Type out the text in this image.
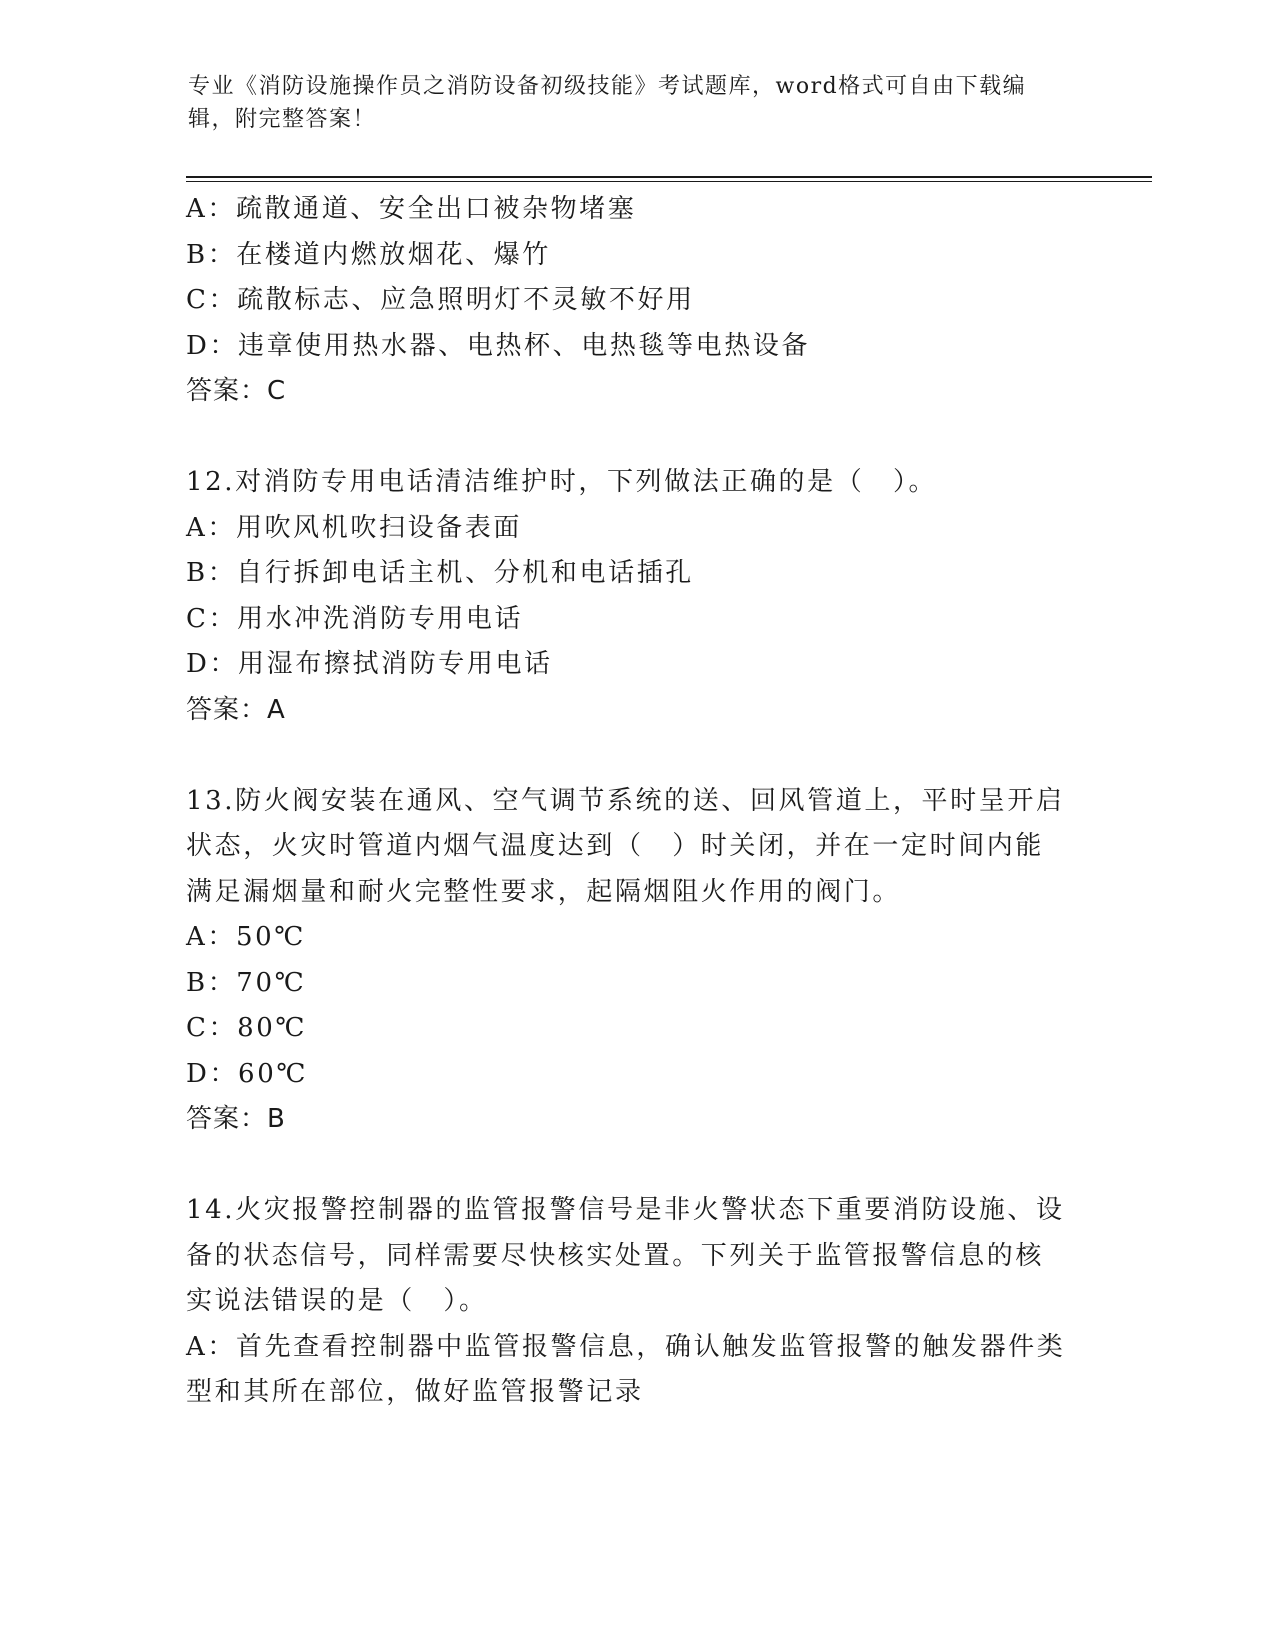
专业《消防设施操作员之消防设备初级技能》考试题库，word格式可自由下载编
辑，附完整答案！
A：疏散通道、安全出口被杂物堵塞
B：在楼道内燃放烟花、爆竹
C：疏散标志、应急照明灯不灵敏不好用
D：违章使用热水器、电热杯、电热毯等电热设备
答案：C
12.对消防专用电话清洁维护时，下列做法正确的是（　）。
A：用吹风机吹扫设备表面
B：自行拆卸电话主机、分机和电话插孔
C：用水冲洗消防专用电话
D：用湿布擦拭消防专用电话
答案：A
13.防火阀安装在通风、空气调节系统的送、回风管道上，平时呈开启
状态，火灾时管道内烟气温度达到（　）时关闭，并在一定时间内能
满足漏烟量和耐火完整性要求，起隔烟阻火作用的阀门。
A：50℃
B：70℃
C：80℃
D：60℃
答案：B
14.火灾报警控制器的监管报警信号是非火警状态下重要消防设施、设
备的状态信号，同样需要尽快核实处置。下列关于监管报警信息的核
实说法错误的是（　）。
A：首先查看控制器中监管报警信息，确认触发监管报警的触发器件类
型和其所在部位，做好监管报警记录
